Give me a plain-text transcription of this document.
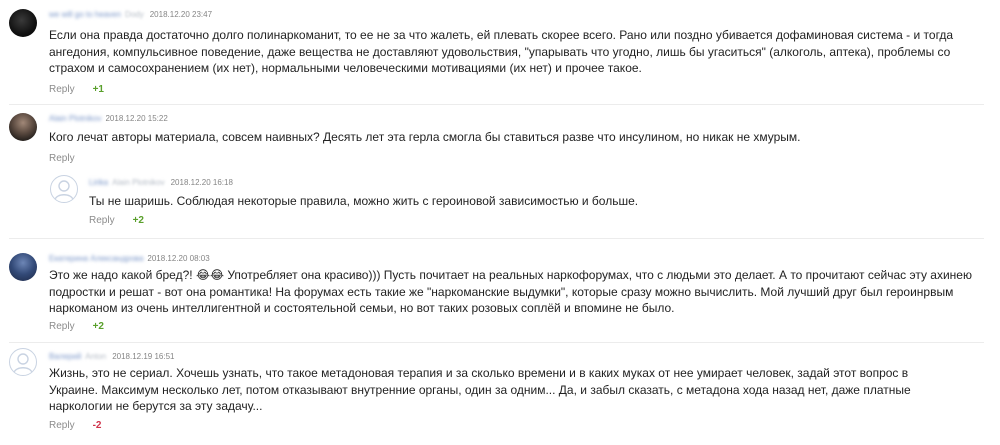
we will go to heaven Dody 2018.12.20 23:47
Если она правда достаточно долго полинаркоманит, то ее не за что жалеть, ей плевать скорее всего. Рано или поздно убивается дофаминовая система - и тогда ангедония, компульсивное поведение, даже вещества не доставляют удовольствия, "упарывать что угодно, лишь бы угаситься" (алкоголь, аптека), проблемы со страхом и самосохранением (их нет), нормальными человеческими мотивациями (их нет) и прочее такое.
Reply +1
Alain Plotnikov 2018.12.20 15:22
Кого лечат авторы материала, совсем наивных? Десять лет эта герла смогла бы ставиться разве что инсулином, но никак не хмурым.
Reply
Lirika Alain Plotnikov 2018.12.20 16:18
Ты не шаришь. Соблюдая некоторые правила, можно жить с героиновой зависимостью и больше.
Reply +2
Екатерина Александрова 2018.12.20 08:03
Это же надо какой бред?! 😂😂 Употребляет она красиво))) Пусть почитает на реальных наркофорумах, что с людьми это делает. А то прочитают сейчас эту ахинею подростки и решат - вот она романтика! На форумах есть такие же "наркоманские выдумки", которые сразу можно вычислить. Мой лучший друг был героинрвым наркоманом из очень интеллигентной и состоятельной семьи, но вот таких розовых соплёй и впомине не было.
Reply +2
Валерий Anton 2018.12.19 16:51
Жизнь, это не сериал. Хочешь узнать, что такое метадоновая терапия и за сколько времени и в каких муках от нее умирает человек, задай этот вопрос в Украине. Максимум несколько лет, потом отказывают внутренние органы, один за одним... Да, и забыл сказать, с метадона хода назад нет, даже платные наркологии не берутся за эту задачу...
Reply -2
